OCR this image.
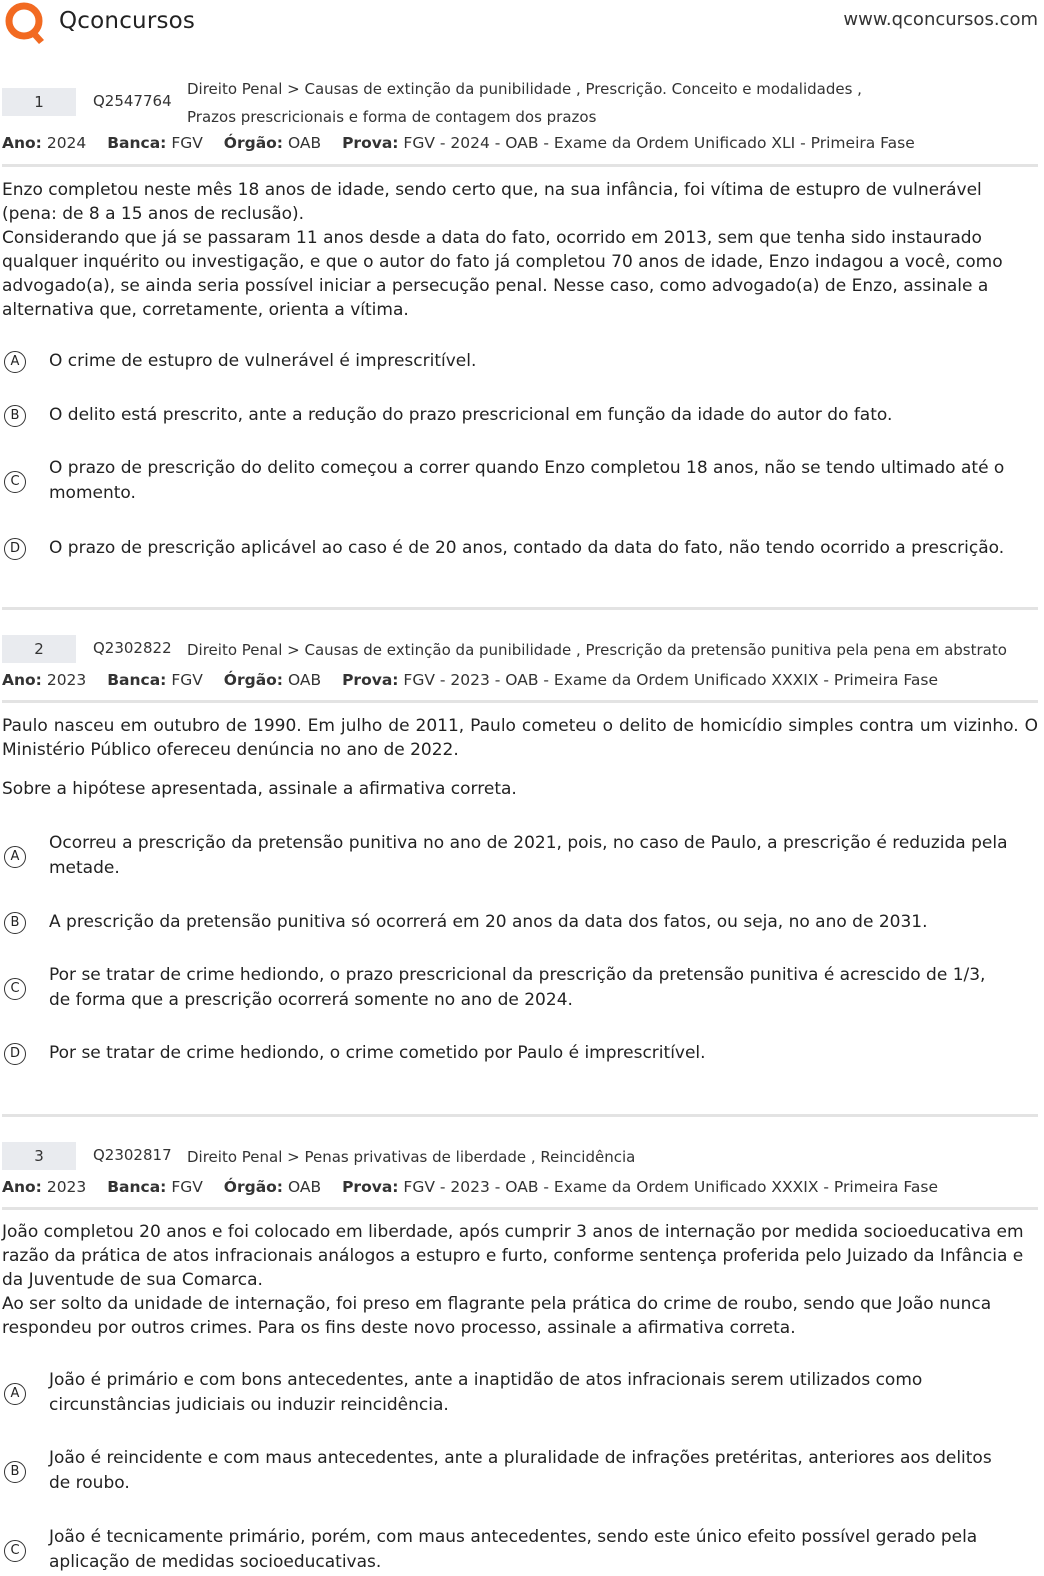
Qconcursos	www.qconcursos.com
1	Q2547764
Direito Penal > Causas de extinção da punibilidade , Prescrição. Conceito e modalidades ,
Prazos prescricionais e forma de contagem dos prazos
Ano: 2024 Banca: FGV Órgão: OAB Prova: FGV - 2024 - OAB - Exame da Ordem Unificado XLI - Primeira Fase

Enzo completou neste mês 18 anos de idade, sendo certo que, na sua infância, foi vítima de estupro de vulnerável (pena: de 8 a 15 anos de reclusão).

Considerando que já se passaram 11 anos desde a data do fato, ocorrido em 2013, sem que tenha sido instaurado qualquer inquérito ou investigação, e que o autor do fato já completou 70 anos de idade, Enzo indagou a você, como advogado(a), se ainda seria possível iniciar a persecução penal. Nesse caso, como advogado(a) de Enzo, assinale a alternativa que, corretamente, orienta a vítima.

A	O crime de estupro de vulnerável é imprescritível.
B	O delito está prescrito, ante a redução do prazo prescricional em função da idade do autor do fato.
C
O prazo de prescrição do delito começou a correr quando Enzo completou 18 anos, não se tendo ultimado até o momento.
D	O prazo de prescrição aplicável ao caso é de 20 anos, contado da data do fato, não tendo ocorrido a prescrição.
2	Q2302822 Direito Penal > Causas de extinção da punibilidade , Prescrição da pretensão punitiva pela pena em abstrato
Ano: 2023 Banca: FGV Órgão: OAB Prova: FGV - 2023 - OAB - Exame da Ordem Unificado XXXIX - Primeira Fase

Paulo nasceu em outubro de 1990. Em julho de 2011, Paulo cometeu o delito de homicídio simples contra um vizinho. O Ministério Público ofereceu denúncia no ano de 2022.

Sobre a hipótese apresentada, assinale a afirmativa correta.

A
Ocorreu a prescrição da pretensão punitiva no ano de 2021, pois, no caso de Paulo, a prescrição é reduzida pela metade.
B	A prescrição da pretensão punitiva só ocorrerá em 20 anos da data dos fatos, ou seja, no ano de 2031.
C
Por se tratar de crime hediondo, o prazo prescricional da prescrição da pretensão punitiva é acrescido de 1/3, de forma que a prescrição ocorrerá somente no ano de 2024.
D	Por se tratar de crime hediondo, o crime cometido por Paulo é imprescritível.
3	Q2302817 Direito Penal > Penas privativas de liberdade , Reincidência
Ano: 2023 Banca: FGV Órgão: OAB Prova: FGV - 2023 - OAB - Exame da Ordem Unificado XXXIX - Primeira Fase

João completou 20 anos e foi colocado em liberdade, após cumprir 3 anos de internação por medida socioeducativa em razão da prática de atos infracionais análogos a estupro e furto, conforme sentença proferida pelo Juizado da Infância e da Juventude de sua Comarca.

Ao ser solto da unidade de internação, foi preso em flagrante pela prática do crime de roubo, sendo que João nunca respondeu por outros crimes. Para os fins deste novo processo, assinale a afirmativa correta.

A
João é primário e com bons antecedentes, ante a inaptidão de atos infracionais serem utilizados como circunstâncias judiciais ou induzir reincidência.
B
João é reincidente e com maus antecedentes, ante a pluralidade de infrações pretéritas, anteriores aos delitos de roubo.
C
João é tecnicamente primário, porém, com maus antecedentes, sendo este único efeito possível gerado pela aplicação de medidas socioeducativas.
